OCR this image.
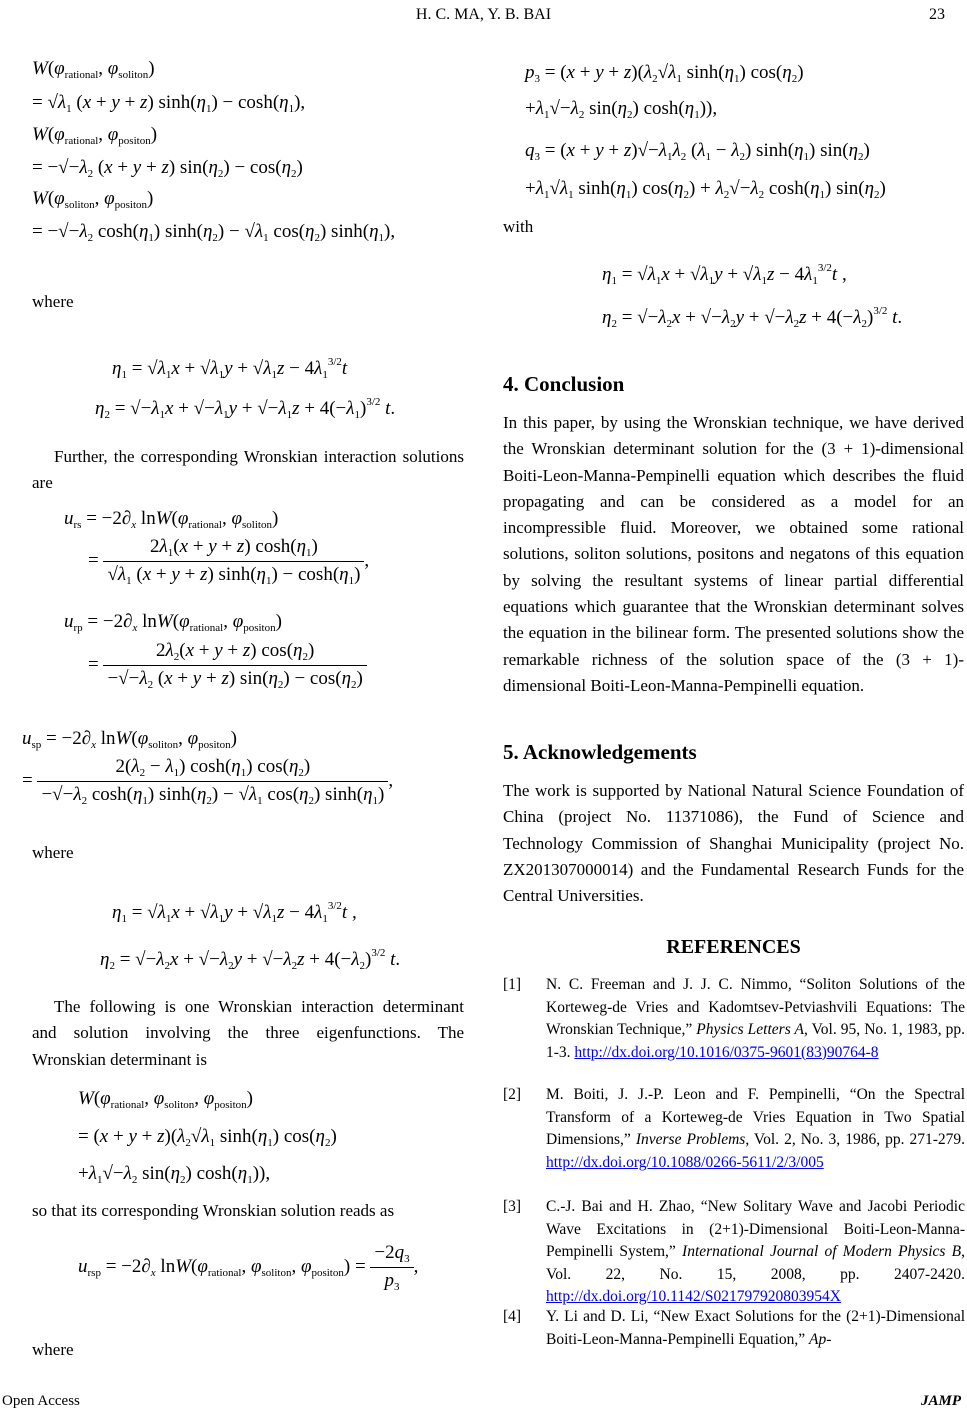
H. C. MA, Y. B. BAI	23
$W(\varphi_{rational}$, $\varphi_{soliton}$)
= $√\lambda_1$ (x + y + z) $\sinh(\eta_1) - \cosh(\eta_1)$,
$W(\varphi_{rational}$, $\varphi_{positon}$)
= $-√-\lambda_2$ (x + y + z) $\sin(\eta_2) - \cos(\eta_2)$
$W(\varphi_{soliton}$, $\varphi_{positon}$)
= $-√-\lambda_2$ $\cosh(\eta_1) \sinh(\eta_2) - √\lambda_1$ $\cos(\eta_2)$ $\sinh(\eta_1)$,
where
$\eta_1 = √\lambda_1x + √\lambda_1y + √\lambda_1z - 4\lambda_1^{3/2}t$
$\eta_2 = √-\lambda_1x + √-\lambda_1y + √-\lambda_1z + 4(-\lambda_1)^{3/2}$ t.
Further, the corresponding Wronskian interaction solutions are
$u_{rs} = -2\partial_x$ $\ln W(\varphi_{rational}$, $\varphi_{soliton}$)
= $\frac{2\lambda_1(x + y + z) \cosh(\eta_1)}{√\lambda_1 (x + y + z) \sinh(\eta_1) - \cosh(\eta_1)}$ ,
$u_{rp} = -2\partial_x$ $\ln W(\varphi_{rational}$, $\varphi_{positon}$)
= $\frac{2\lambda_2(x + y + z) \cos(\eta_2)}{-√-\lambda_2 (x + y + z) \sin(\eta_2) - \cos(\eta_2)}$
$u_{sp} = -2\partial_x$ $\ln W(\varphi_{soliton}$, $\varphi_{positon}$)
= $\frac{2(\lambda_2 - \lambda_1) \cosh(\eta_1) \cos(\eta_2)}{-√-\lambda_2 \cosh(\eta_1) \sinh(\eta_2) - √\lambda_1 \cos(\eta_2) \sinh(\eta_1)}$ ,
where
$\eta_1 = √\lambda_1x + √\lambda_1y + √\lambda_1z - 4\lambda_1^{3/2}t$ ,
$\eta_2 = √-\lambda_2x + √-\lambda_2y + √-\lambda_2z + 4(-\lambda_2)^{3/2}$ t.
The following is one Wronskian interaction determinant and solution involving the three eigenfunctions. The Wronskian determinant is
$W(\varphi_{rational}$, $\varphi_{soliton}$, $\varphi_{positon}$)
= $(x + y + z)(\lambda_2√\lambda_1$ $\sinh(\eta_1)$ $\cos(\eta_2)$
$+\lambda_1√-\lambda_2$ $\sin(\eta_2)$ $\cosh(\eta_1)$),
so that its corresponding Wronskian solution reads as
$u_{rsp} = -2\partial_x$ $\ln W(\varphi_{rational}$, $\varphi_{soliton}$, $\varphi_{positon}) = \frac{-2q_3}{p_3}$ ,
where
$p_3 = (x + y + z)(\lambda_2√\lambda_1$ $\sinh(\eta_1)$ $\cos(\eta_2)$
$+\lambda_1√-\lambda_2$ $\sin(\eta_2)$ $\cosh(\eta_1)$),
$q_3 = (x + y + z)√-\lambda_1\lambda_2$ $(\lambda_1 - \lambda_2)$ $\sinh(\eta_1)$ $\sin(\eta_2)$
$+\lambda_1√\lambda_1$ $\sinh(\eta_1) \cos(\eta_2) + \lambda_2√-\lambda_2$ $\cosh(\eta_1)$ $\sin(\eta_2)$
with
$\eta_1 = √\lambda_1x + √\lambda_1y + √\lambda_1z - 4\lambda_1^{3/2}t$ ,
$\eta_2 = √-\lambda_2x + √-\lambda_2y + √-\lambda_2z + 4(-\lambda_2)^{3/2}$ t.
4. Conclusion
In this paper, by using the Wronskian technique, we have derived the Wronskian determinant solution for the (3 + 1)-dimensional Boiti-Leon-Manna-Pempinelli equation which describes the fluid propagating and can be considered as a model for an incompressible fluid. Moreover, we obtained some rational solutions, soliton solutions, positons and negatons of this equation by solving the resultant systems of linear partial differential equations which guarantee that the Wronskian determinant solves the equation in the bilinear form. The presented solutions show the remarkable richness of the solution space of the (3 + 1)-dimensional Boiti-Leon-Manna-Pempinelli equation.
5. Acknowledgements
The work is supported by National Natural Science Foundation of China (project No. 11371086), the Fund of Science and Technology Commission of Shanghai Municipality (project No. ZX201307000014) and the Fundamental Research Funds for the Central Universities.
REFERENCES
[1] N. C. Freeman and J. J. C. Nimmo, “Soliton Solutions of the Korteweg-de Vries and Kadomtsev-Petviashvili Equations: The Wronskian Technique,” Physics Letters A, Vol. 95, No. 1, 1983, pp. 1-3. http://dx.doi.org/10.1016/0375-9601(83)90764-8
[2] M. Boiti, J. J.-P. Leon and F. Pempinelli, “On the Spectral Transform of a Korteweg-de Vries Equation in Two Spatial Dimensions,” Inverse Problems, Vol. 2, No. 3, 1986, pp. 271-279. http://dx.doi.org/10.1088/0266-5611/2/3/005
[3] C.-J. Bai and H. Zhao, “New Solitary Wave and Jacobi Periodic Wave Excitations in (2+1)-Dimensional Boiti-Leon-Manna-Pempinelli System,” International Journal of Modern Physics B, Vol. 22, No. 15, 2008, pp. 2407-2420. http://dx.doi.org/10.1142/S021797920803954X
[4] Y. Li and D. Li, “New Exact Solutions for the (2+1)-Dimensional Boiti-Leon-Manna-Pempinelli Equation,” Ap-
Open Access	JAMP
